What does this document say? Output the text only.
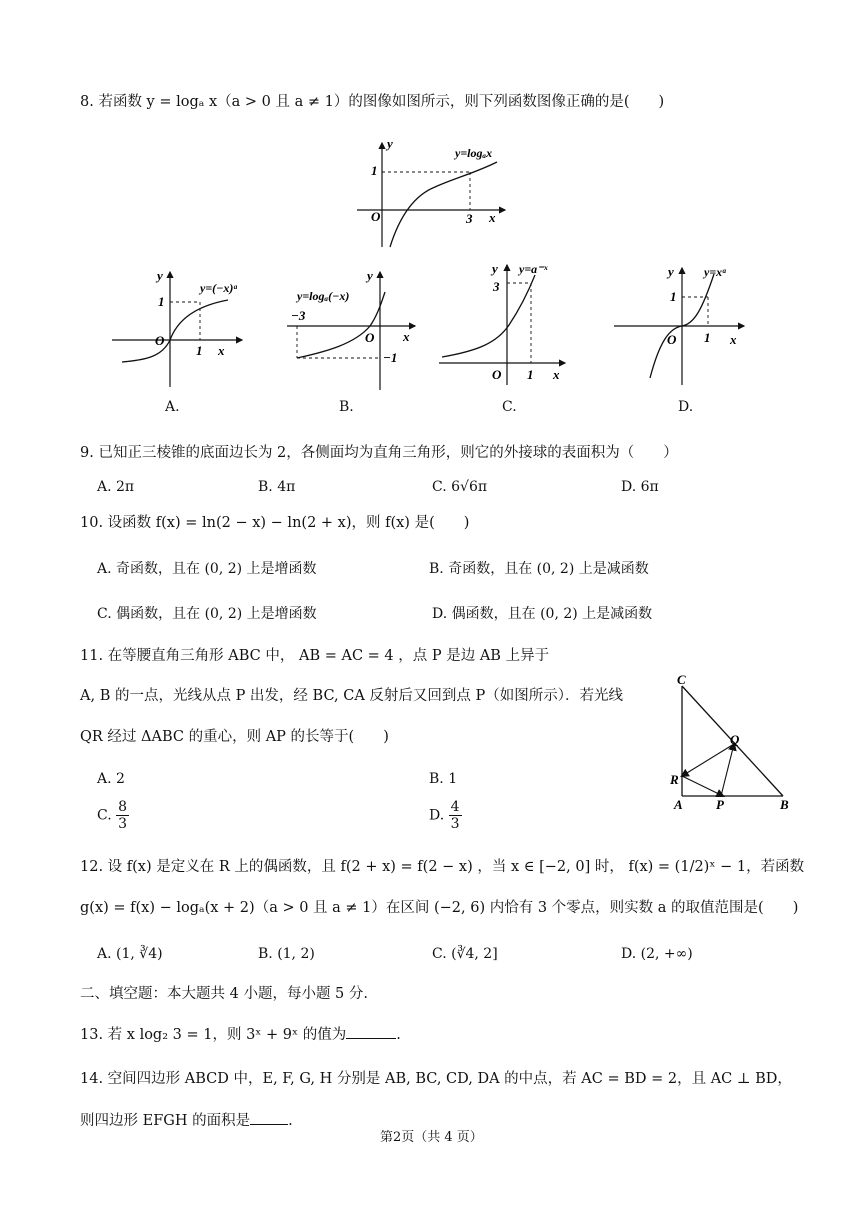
8. 若函数 y = logₐ x（a > 0 且 a ≠ 1）的图像如图所示，则下列函数图像正确的是(　　)
O
1
3 x
y
y=logₐx
O
1
1 x
y
y=(−x)ᵃ
O
−3
−1
x
y
y=logₐ(−x)
O
3
1 x
y y=a⁻ˣ
O
1
1 x
y	y=xᵃ
A.	B.	C.	D.
9. 已知正三棱锥的底面边长为 2，各侧面均为直角三角形，则它的外接球的表面积为（　　）
A. 2π	B. 4π	C. 6√6π	D. 6π
10. 设函数 f(x) = ln(2 − x) − ln(2 + x)，则 f(x) 是(　　)
A. 奇函数，且在 (0, 2) 上是增函数	B. 奇函数，且在 (0, 2) 上是减函数
C. 偶函数，且在 (0, 2) 上是增函数	D. 偶函数，且在 (0, 2) 上是减函数
11. 在等腰直角三角形 ABC 中， AB = AC = 4 ，点 P 是边 AB 上异于
A, B 的一点，光线从点 P 出发，经 BC, CA 反射后又回到点 P（如图所示）．若光线
QR 经过 ΔABC 的重心，则 AP 的长等于(　　)
A. 2	B. 1
C. $\frac{8}{3}$	D. $\frac{4}{3}$
C
Q
R
A	P	B
12. 设 f(x) 是定义在 R 上的偶函数，且 f(2 + x) = f(2 − x) ，当 x ∈ [−2, 0] 时， f(x) = (1/2)ˣ − 1，若函数
g(x) = f(x) − logₐ(x + 2)（a > 0 且 a ≠ 1）在区间 (−2, 6) 内恰有 3 个零点，则实数 a 的取值范围是(　　)
A. (1, ∛4)	B. (1, 2)	C. (∛4, 2]	D. (2, +∞)
二、填空题：本大题共 4 小题，每小题 5 分.
13. 若 x log₂ 3 = 1，则 3ˣ + 9ˣ 的值为	.
14. 空间四边形 ABCD 中，E, F, G, H 分别是 AB, BC, CD, DA 的中点，若 AC = BD = 2，且 AC ⊥ BD，
则四边形 EFGH 的面积是	.
第2页（共 4 页）
